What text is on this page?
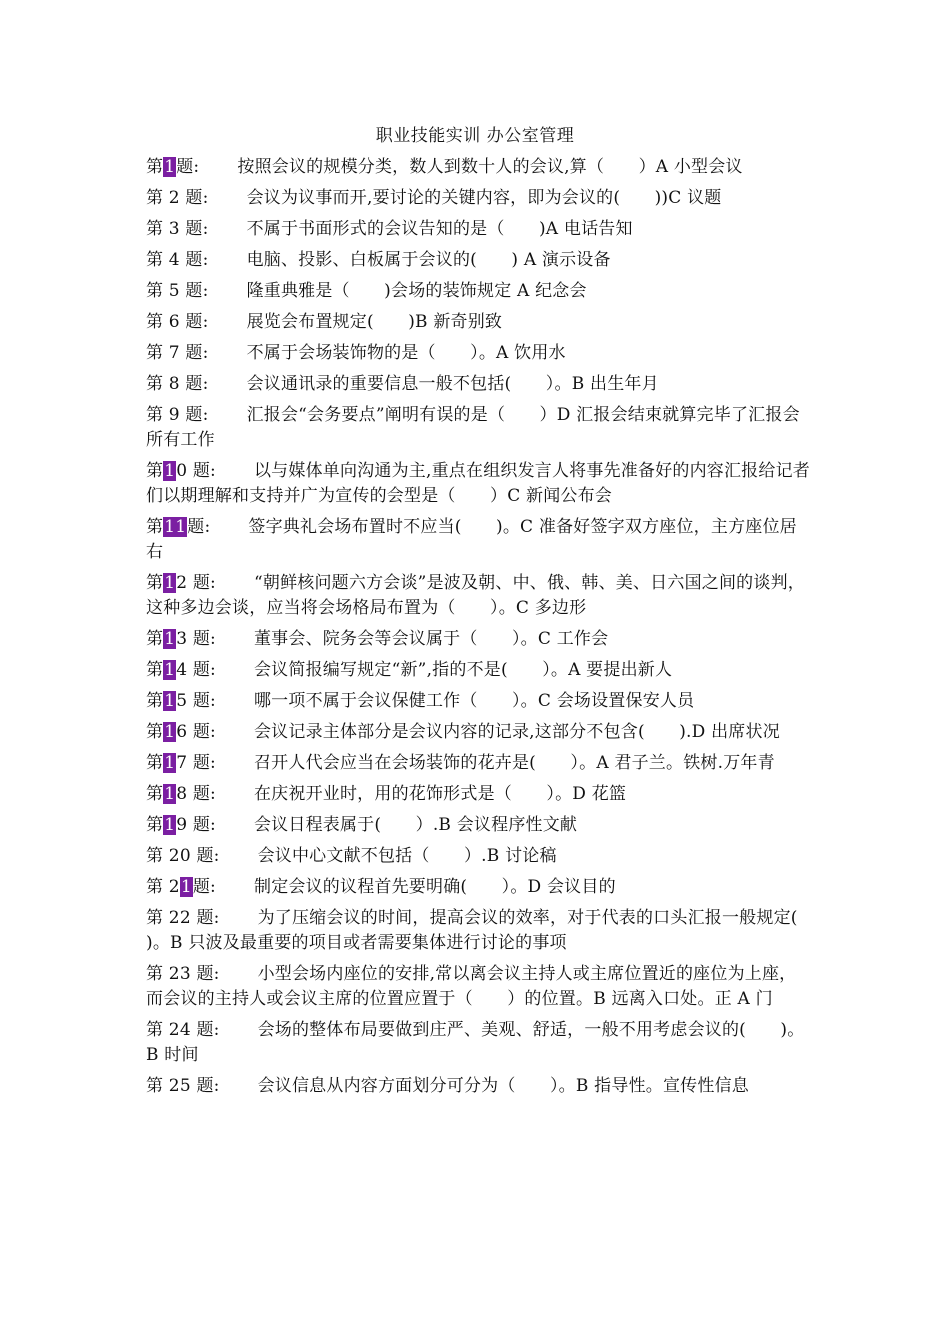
职业技能实训 办公室管理
第1题: 按照会议的规模分类，数人到数十人的会议,算（　　）A 小型会议
第 2 题: 会议为议事而开,要讨论的关键内容，即为会议的(　　))C 议题
第 3 题: 不属于书面形式的会议告知的是（　　)A 电话告知
第 4 题: 电脑、投影、白板属于会议的(　　) A 演示设备
第 5 题: 隆重典雅是（　　)会场的装饰规定 A 纪念会
第 6 题: 展览会布置规定(　　)B 新奇别致
第 7 题: 不属于会场装饰物的是（　　）。A 饮用水
第 8 题: 会议通讯录的重要信息一般不包括(　　）。B 出生年月
第 9 题: 汇报会“会务要点”阐明有误的是（　　）D 汇报会结束就算完毕了汇报会所有工作
第10 题: 以与媒体单向沟通为主,重点在组织发言人将事先准备好的内容汇报给记者们以期理解和支持并广为宣传的会型是（　　）C 新闻公布会
第11题: 签字典礼会场布置时不应当(　　)。C 准备好签字双方座位，主方座位居右
第12 题: “朝鲜核问题六方会谈”是波及朝、中、俄、韩、美、日六国之间的谈判，这种多边会谈，应当将会场格局布置为（　　）。C 多边形
第13 题: 董事会、院务会等会议属于（　　）。C 工作会
第14 题: 会议简报编写规定“新”,指的不是(　　）。A 要提出新人
第15 题: 哪一项不属于会议保健工作（　　）。C 会场设置保安人员
第16 题: 会议记录主体部分是会议内容的记录,这部分不包含(　　).D 出席状况
第17 题: 召开人代会应当在会场装饰的花卉是(　　）。A 君子兰。铁树.万年青
第18 题: 在庆祝开业时，用的花饰形式是（　　）。D 花篮
第19 题: 会议日程表属于(　　）.B 会议程序性文献
第 20 题: 会议中心文献不包括（　　）.B 讨论稿
第 21题: 制定会议的议程首先要明确(　　）。D 会议目的
第 22 题: 为了压缩会议的时间，提高会议的效率，对于代表的口头汇报一般规定(　　)。B 只波及最重要的项目或者需要集体进行讨论的事项
第 23 题: 小型会场内座位的安排,常以离会议主持人或主席位置近的座位为上座，而会议的主持人或会议主席的位置应置于（　　）的位置。B 远离入口处。正 A 门
第 24 题: 会场的整体布局要做到庄严、美观、舒适，一般不用考虑会议的(　　)。B 时间
第 25 题: 会议信息从内容方面划分可分为（　　）。B 指导性。宣传性信息
